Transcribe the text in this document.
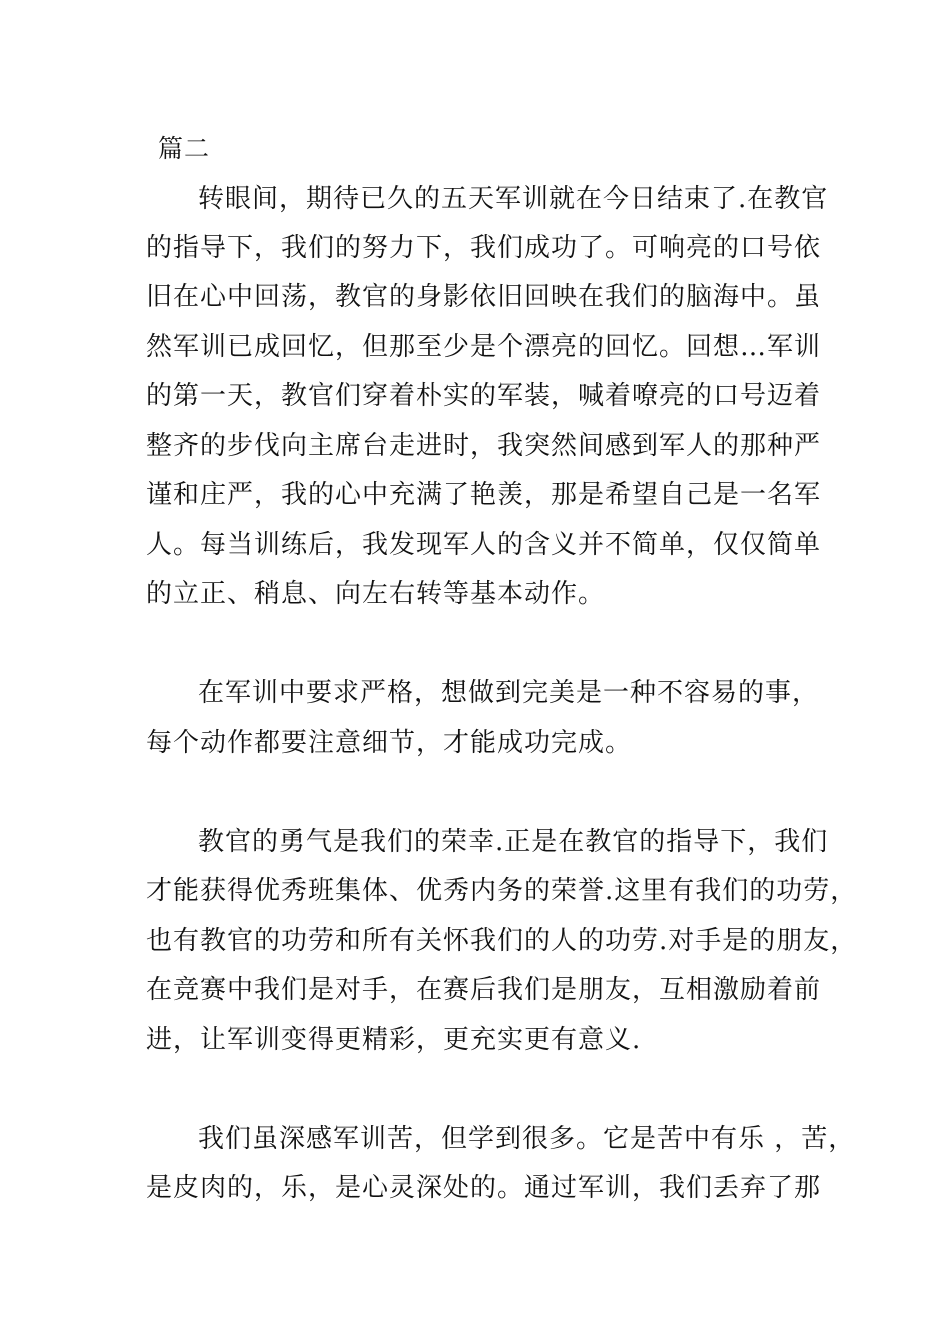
篇二
转眼间，期待已久的五天军训就在今日结束了.在教官
的指导下，我们的努力下，我们成功了。可响亮的口号依
旧在心中回荡，教官的身影依旧回映在我们的脑海中。虽
然军训已成回忆，但那至少是个漂亮的回忆。回想…军训
的第一天，教官们穿着朴实的军装，喊着嘹亮的口号迈着
整齐的步伐向主席台走进时，我突然间感到军人的那种严
谨和庄严，我的心中充满了艳羡，那是希望自己是一名军
人。每当训练后，我发现军人的含义并不简单，仅仅简单
的立正、稍息、向左右转等基本动作。
在军训中要求严格，想做到完美是一种不容易的事，
每个动作都要注意细节，才能成功完成。
教官的勇气是我们的荣幸.正是在教官的指导下，我们
才能获得优秀班集体、优秀内务的荣誉.这里有我们的功劳，
也有教官的功劳和所有关怀我们的人的功劳.对手是的朋友，
在竞赛中我们是对手，在赛后我们是朋友，互相激励着前
进，让军训变得更精彩，更充实更有意义.
我们虽深感军训苦，但学到很多。它是苦中有乐 ，苦，
是皮肉的，乐，是心灵深处的。通过军训，我们丢弃了那
